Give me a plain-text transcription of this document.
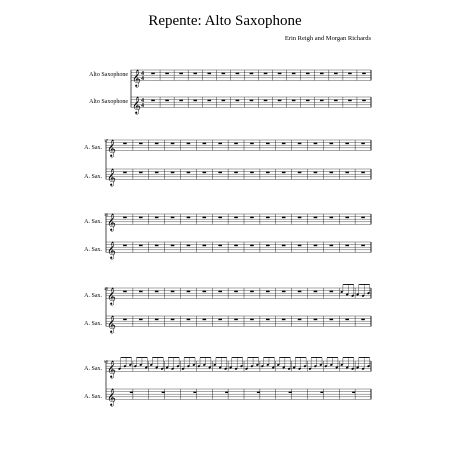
Repente: Alto Saxophone
Erin Reigh and Morgan Richards
𝄞 4
4
𝄞 4
4
𝄞
𝄞
𝄞
𝄞
𝄞
𝄞
𝄞
𝄞
Alto Saxophone
Alto Saxophone
A. Sax.
A. Sax.
17
A. Sax.
A. Sax.
33
A. Sax.
A. Sax.
49
A. Sax.
A. Sax.
65
